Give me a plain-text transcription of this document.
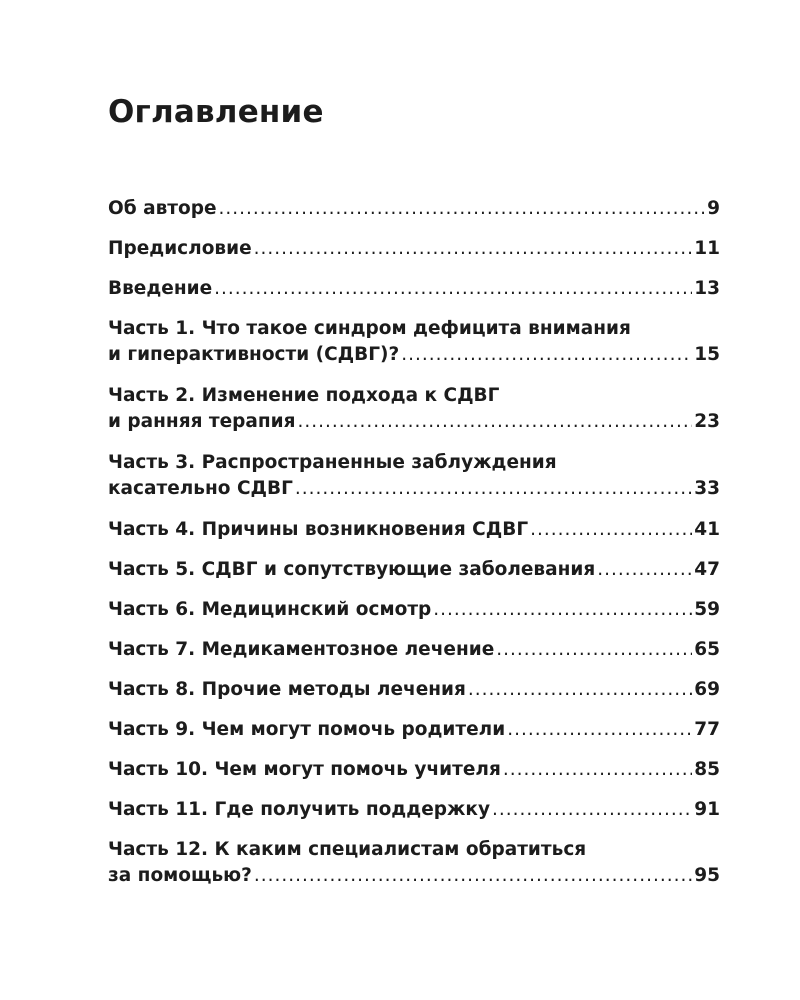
Оглавление
Об авторе .....	9
Предисловие .....	11
Введение .....	13
Часть 1. Что такое синдром дефицита внимания
и гиперактивности (СДВГ)? .....	15
Часть 2. Изменение подхода к СДВГ
и ранняя терапия .....	23
Часть 3. Распространенные заблуждения
касательно СДВГ .....	33
Часть 4. Причины возникновения СДВГ .....	41
Часть 5. СДВГ и сопутствующие заболевания .....	47
Часть 6. Медицинский осмотр .....	59
Часть 7. Медикаментозное лечение .....	65
Часть 8. Прочие методы лечения .....	69
Часть 9. Чем могут помочь родители .....	77
Часть 10. Чем могут помочь учителя .....	85
Часть 11. Где получить поддержку .....	91
Часть 12. К каким специалистам обратиться
за помощью? .....	95
